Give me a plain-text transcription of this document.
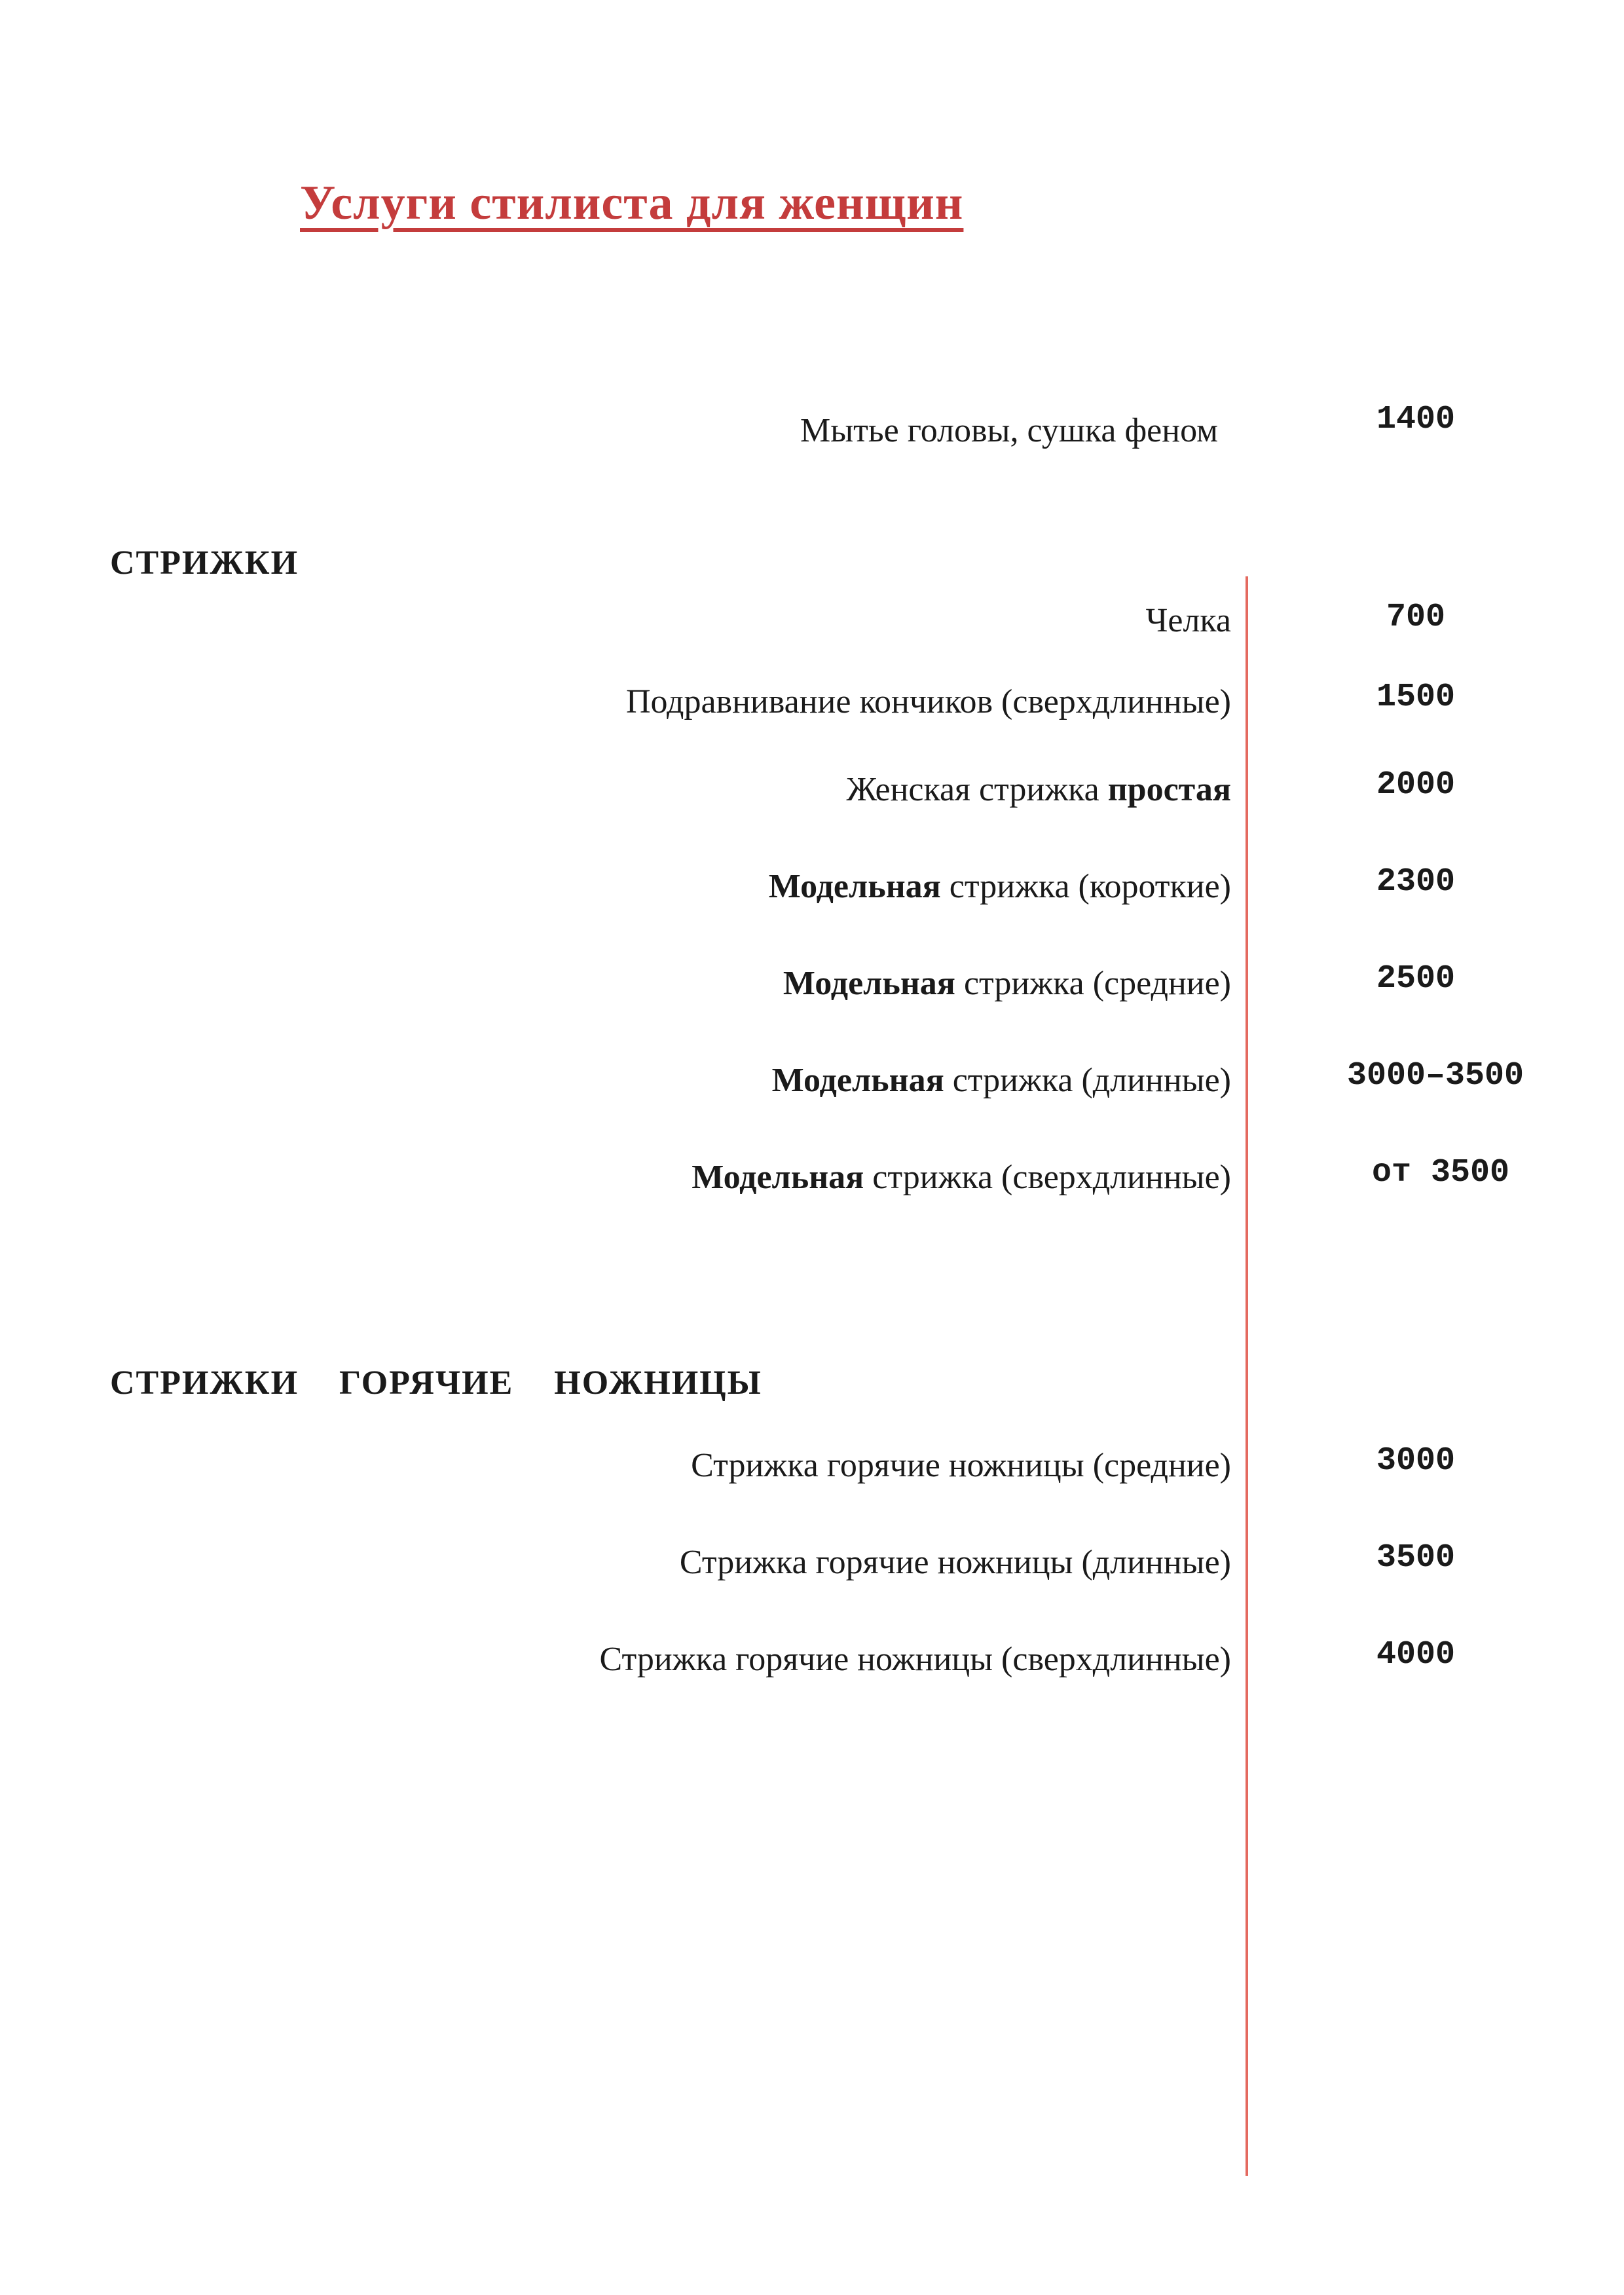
Услуги стилиста для женщин
Мытье головы, сушка феном	1400
СТРИЖКИ
Челка	700
Подравнивание кончиков (сверхдлинные)	1500
Женская стрижка простая	2000
Модельная стрижка (короткие)	2300
Модельная стрижка (средние)	2500
Модельная стрижка (длинные)	3000–3500
Модельная стрижка (сверхдлинные)	от 3500
СТРИЖКИ  ГОРЯЧИЕ  НОЖНИЦЫ
Стрижка горячие ножницы (средние)	3000
Стрижка горячие ножницы (длинные)	3500
Стрижка горячие ножницы (сверхдлинные)	4000
